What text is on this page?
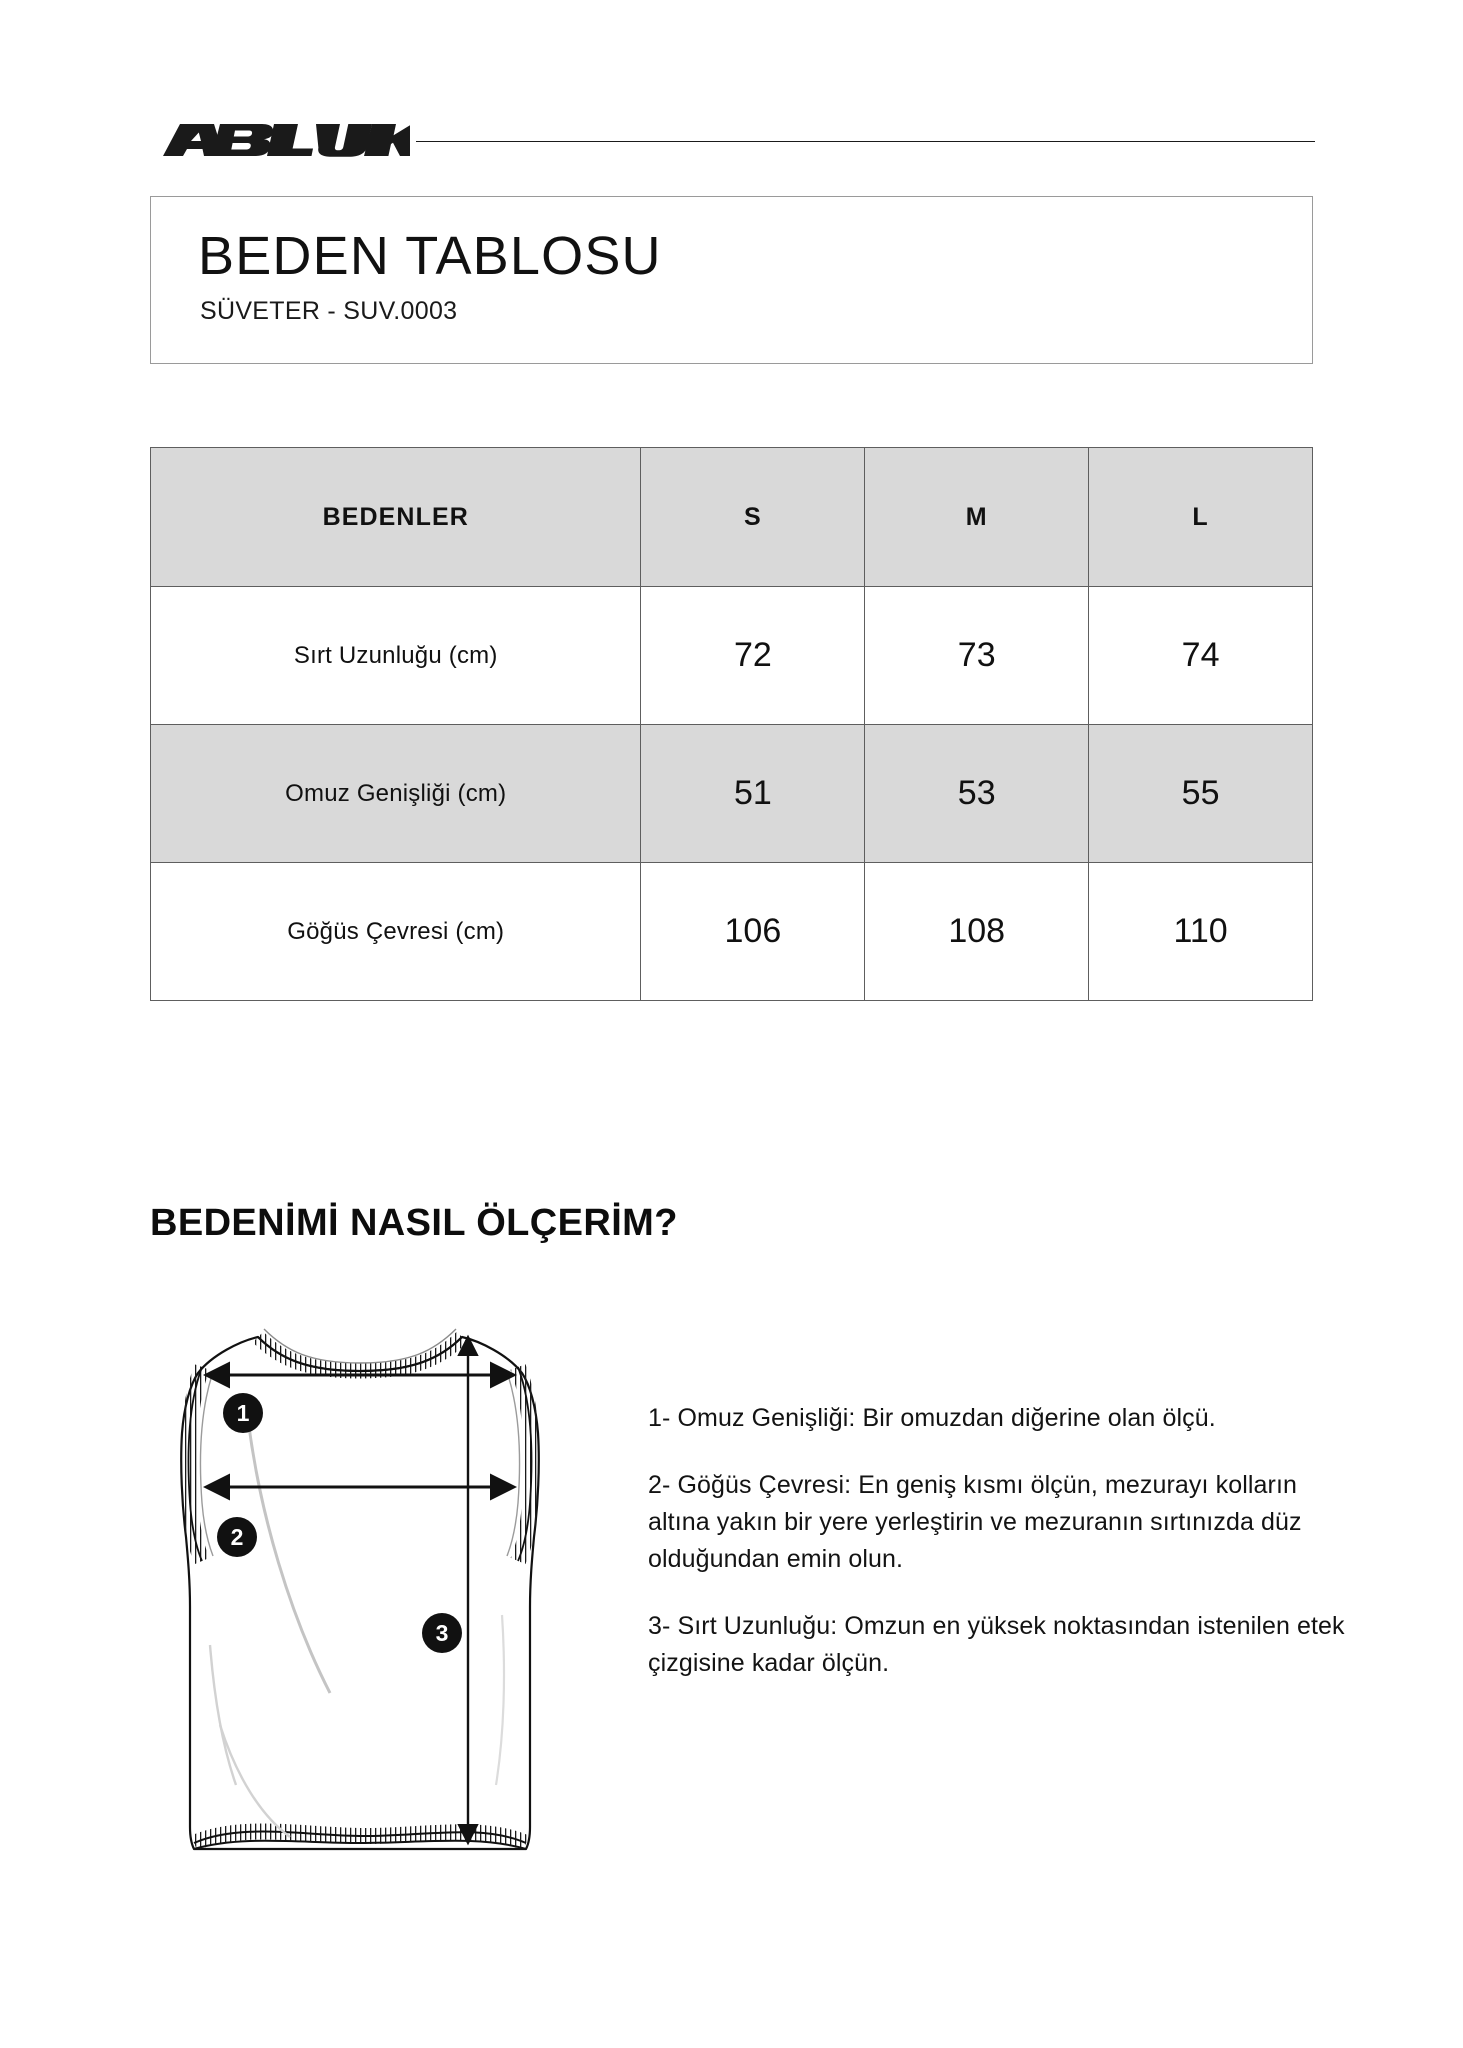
BEDEN TABLOSU
SÜVETER - SUV.0003
BEDENLER	S	M	L
Sırt Uzunluğu (cm)	72	73	74
Omuz Genişliği (cm)	51	53	55
Göğüs Çevresi (cm)	106	108	110
BEDENİMİ NASIL ÖLÇERİM?
1
2
3

1- Omuz Genişliği: Bir omuzdan diğerine olan ölçü.

2- Göğüs Çevresi: En geniş kısmı ölçün, mezurayı kolların altına yakın bir yere yerleştirin ve mezuranın sırtınızda düz olduğundan emin olun.

3- Sırt Uzunluğu: Omzun en yüksek noktasından istenilen etek çizgisine kadar ölçün.
